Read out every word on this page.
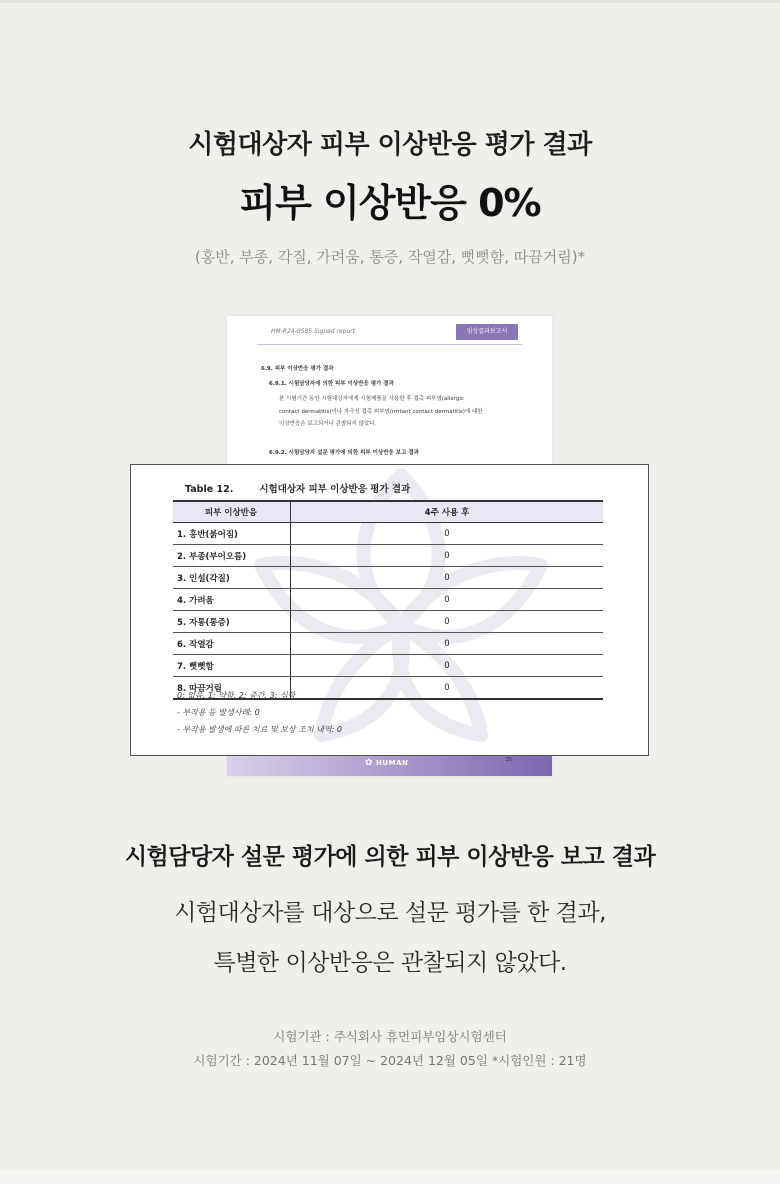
시험대상자 피부 이상반응 평가 결과
피부 이상반응 0%
(홍반, 부종, 각질, 가려움, 통증, 작열감, 뻣뻣함, 따끔거림)*
HM-R24-0585 Signed report	임상결과보고서
6.9. 피부 이상반응 평가 결과
6.9.1. 시험담당자에 의한 피부 이상반응 평가 결과
본 시험기간 동안 시험대상자에게 시험제품을 사용한 후 접촉 피부염(allergic
contact dermatitis)이나 자극성 접촉 피부염(irritant contact dermatitis)에 대한
이상반응은 보고되거나 관찰되지 않았다.
6.9.2. 시험담당자 설문 평가에 의한 피부 이상반응 보고 결과
✿ HUMAN	25
Table 12.	시험대상자 피부 이상반응 평가 결과
피부 이상반응	4주 사용 후
1. 홍반(붉어짐)	0
2. 부종(부어오름)	0
3. 인설(각질)	0
4. 가려움	0
5. 자통(통증)	0
6. 작열감	0
7. 뻣뻣함	0
8. 따끔거림	0
0: 없음, 1: 약함, 2: 중간, 3: 심함
- 부작용 등 발생사례: 0
- 부작용 발생에 따른 치료 및 보상 조치 내역: 0
시험담당자 설문 평가에 의한 피부 이상반응 보고 결과
시험대상자를 대상으로 설문 평가를 한 결과,
특별한 이상반응은 관찰되지 않았다.
시험기관 : 주식회사 휴먼피부임상시험센터
시험기간 : 2024년 11월 07일 ~ 2024년 12월 05일 *시험인원 : 21명
